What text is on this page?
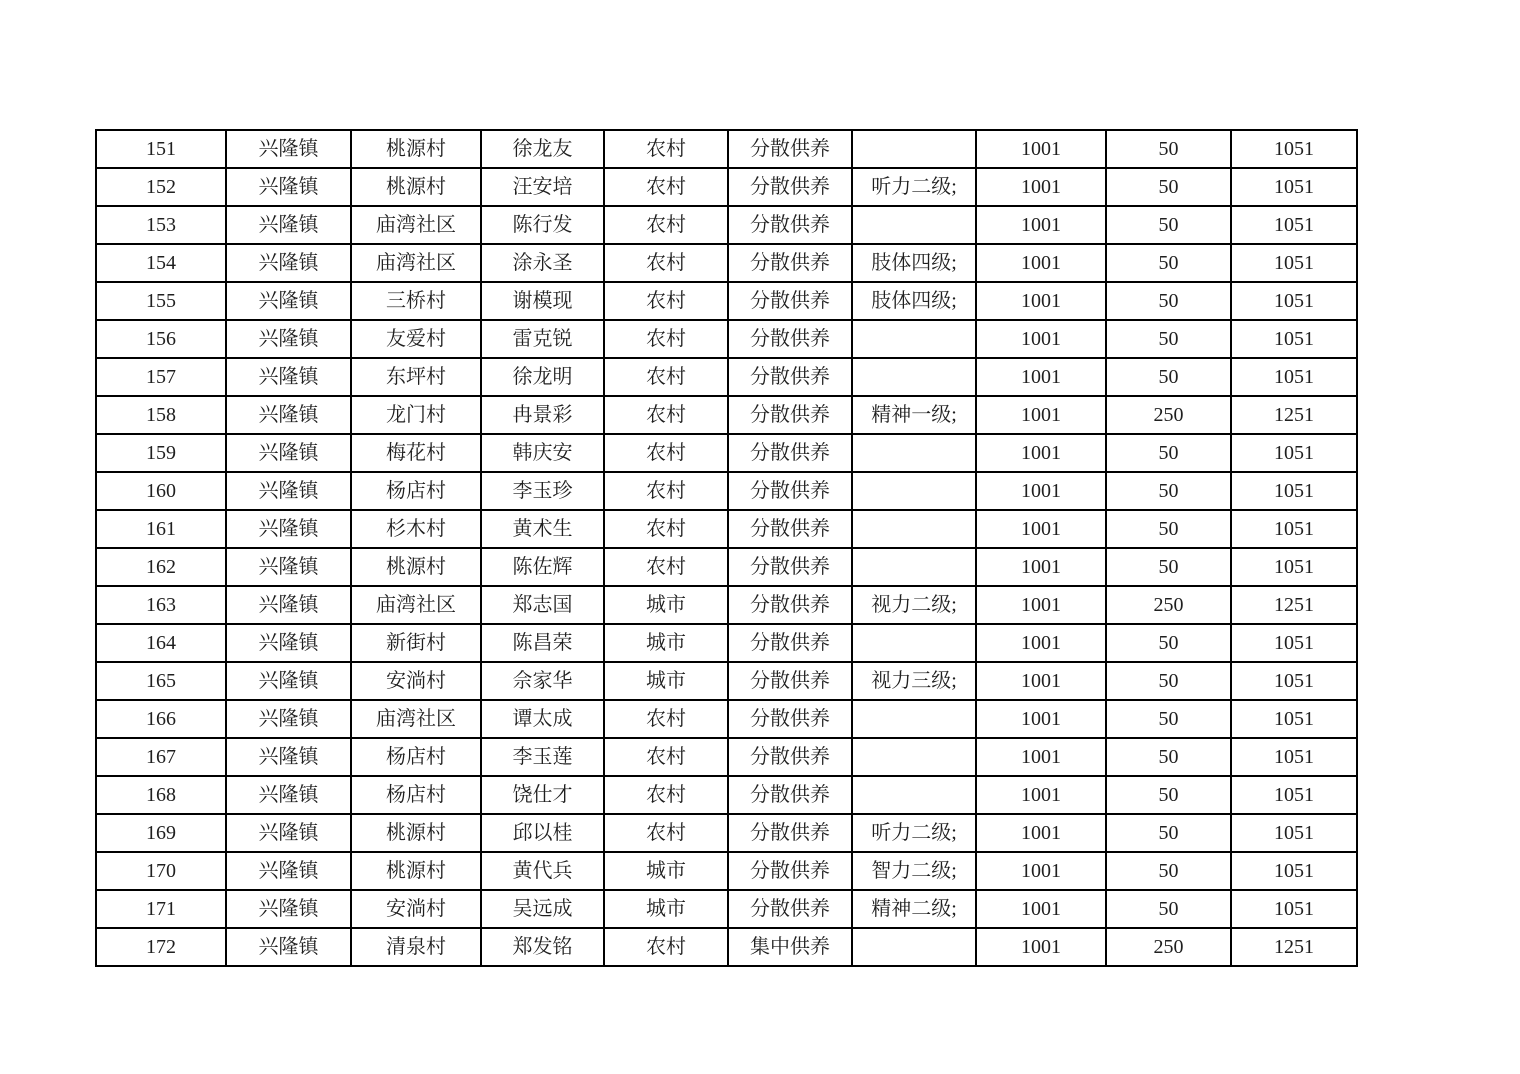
151	兴隆镇	桃源村	徐龙友	农村	分散供养		1001	50	1051
152	兴隆镇	桃源村	汪安培	农村	分散供养	听力二级;	1001	50	1051
153	兴隆镇	庙湾社区	陈行发	农村	分散供养		1001	50	1051
154	兴隆镇	庙湾社区	涂永圣	农村	分散供养	肢体四级;	1001	50	1051
155	兴隆镇	三桥村	谢模现	农村	分散供养	肢体四级;	1001	50	1051
156	兴隆镇	友爱村	雷克锐	农村	分散供养		1001	50	1051
157	兴隆镇	东坪村	徐龙明	农村	分散供养		1001	50	1051
158	兴隆镇	龙门村	冉景彩	农村	分散供养	精神一级;	1001	250	1251
159	兴隆镇	梅花村	韩庆安	农村	分散供养		1001	50	1051
160	兴隆镇	杨店村	李玉珍	农村	分散供养		1001	50	1051
161	兴隆镇	杉木村	黄术生	农村	分散供养		1001	50	1051
162	兴隆镇	桃源村	陈佐辉	农村	分散供养		1001	50	1051
163	兴隆镇	庙湾社区	郑志国	城市	分散供养	视力二级;	1001	250	1251
164	兴隆镇	新街村	陈昌荣	城市	分散供养		1001	50	1051
165	兴隆镇	安淌村	佘家华	城市	分散供养	视力三级;	1001	50	1051
166	兴隆镇	庙湾社区	谭太成	农村	分散供养		1001	50	1051
167	兴隆镇	杨店村	李玉莲	农村	分散供养		1001	50	1051
168	兴隆镇	杨店村	饶仕才	农村	分散供养		1001	50	1051
169	兴隆镇	桃源村	邱以桂	农村	分散供养	听力二级;	1001	50	1051
170	兴隆镇	桃源村	黄代兵	城市	分散供养	智力二级;	1001	50	1051
171	兴隆镇	安淌村	吴远成	城市	分散供养	精神二级;	1001	50	1051
172	兴隆镇	清泉村	郑发铭	农村	集中供养		1001	250	1251
